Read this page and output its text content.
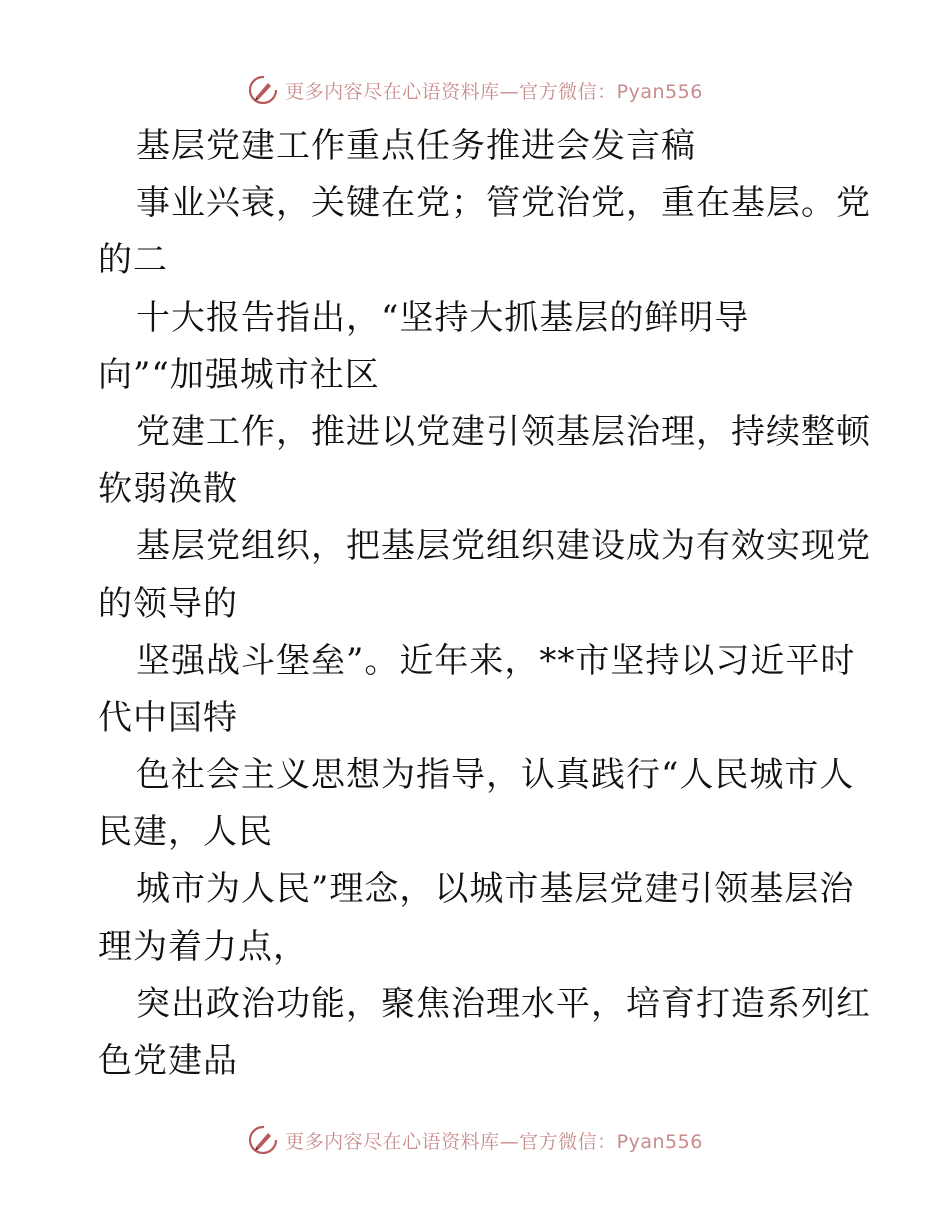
更多内容尽在心语资料库—官方微信：Pyan556
基层党建工作重点任务推进会发言稿
事业兴衰，关键在党；管党治党，重在基层。党
的二
十大报告指出，“坚持大抓基层的鲜明导
向”“加强城市社区
党建工作，推进以党建引领基层治理，持续整顿
软弱涣散
基层党组织，把基层党组织建设成为有效实现党
的领导的
坚强战斗堡垒”。近年来，**市坚持以习近平时
代中国特
色社会主义思想为指导，认真践行“人民城市人
民建，人民
城市为人民”理念，以城市基层党建引领基层治
理为着力点，
突出政治功能，聚焦治理水平，培育打造系列红
色党建品
更多内容尽在心语资料库—官方微信：Pyan556
